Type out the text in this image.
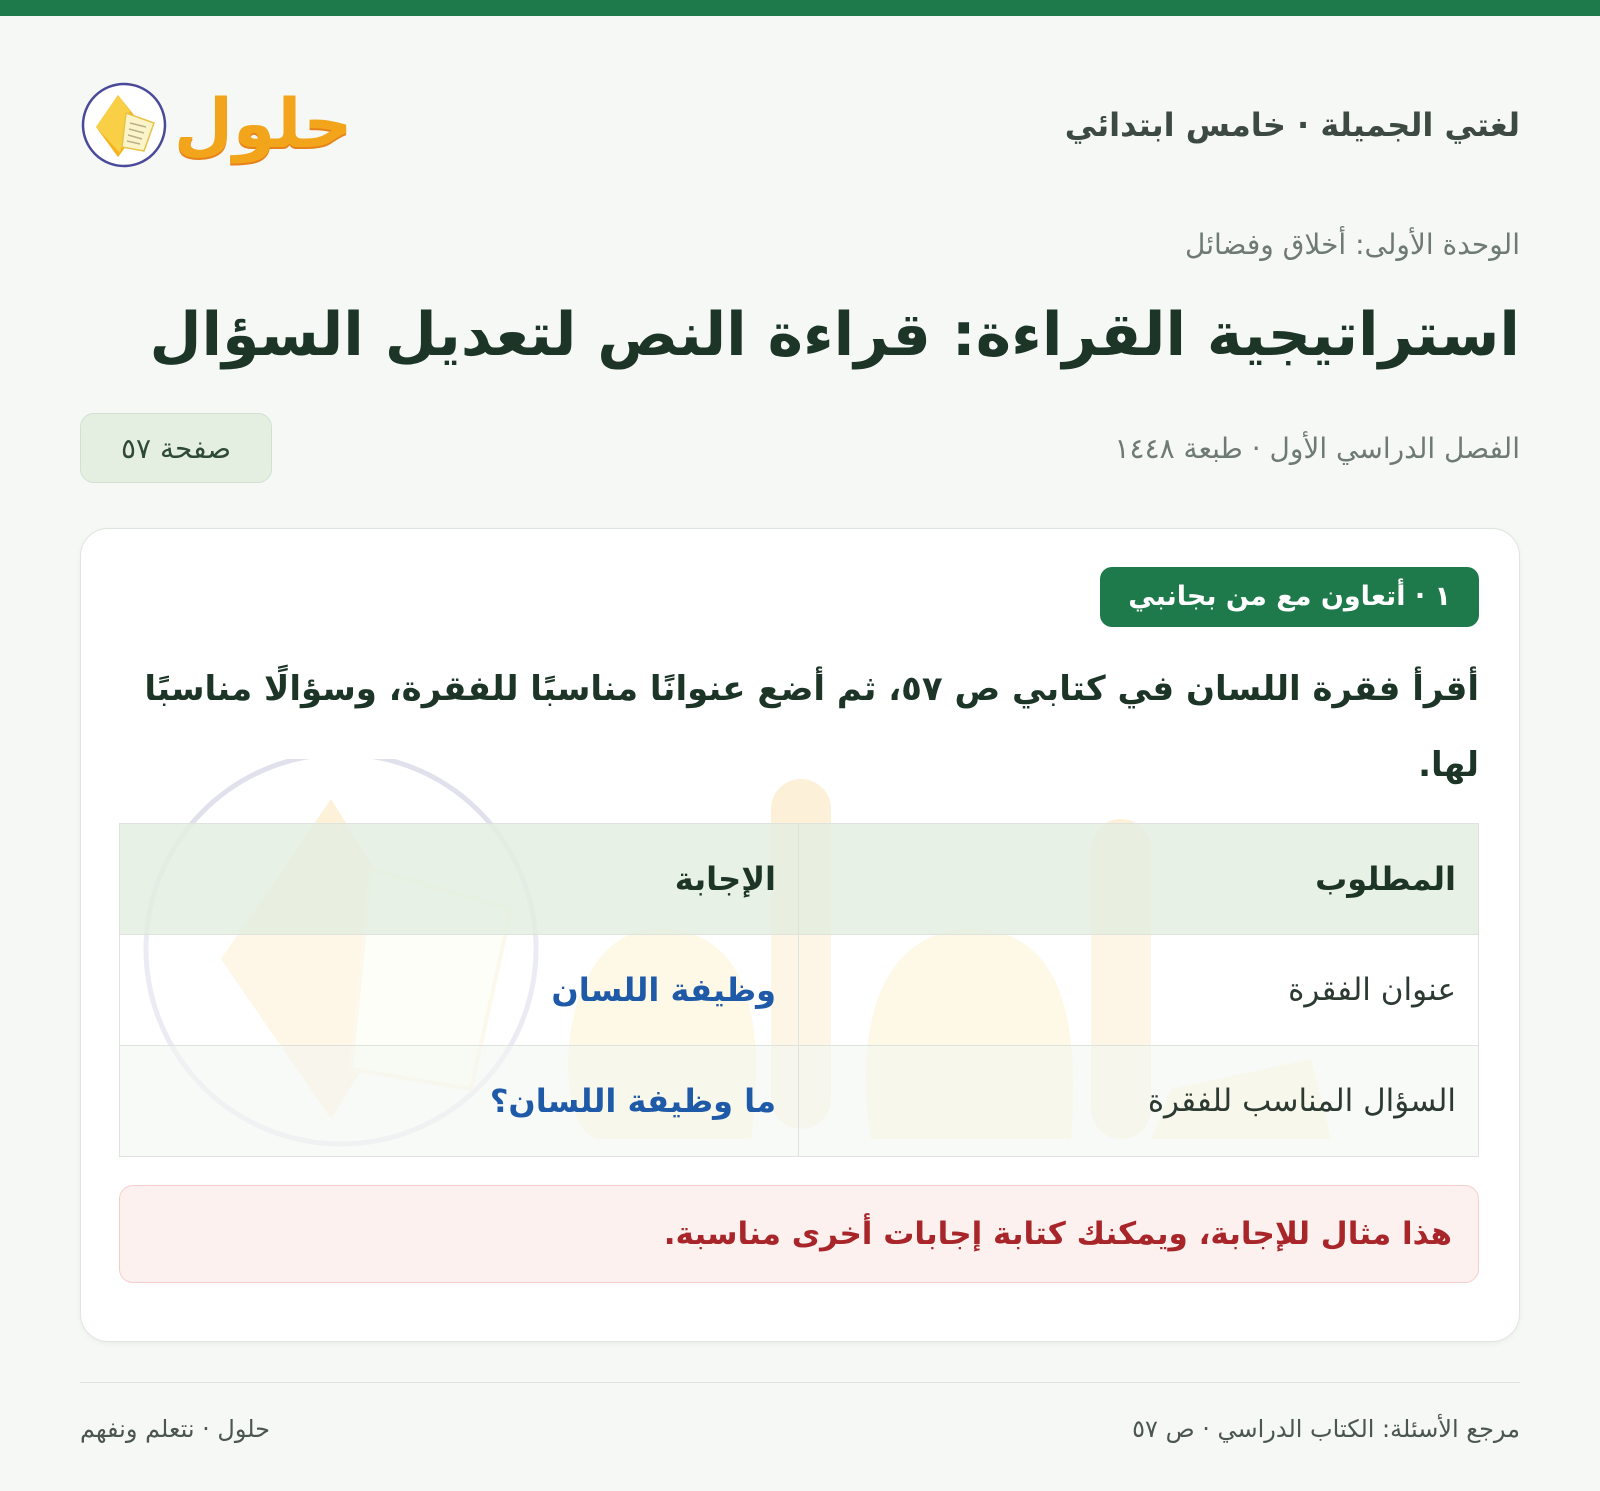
لغتي الجميلة · خامس ابتدائي
حلول
الوحدة الأولى: أخلاق وفضائل
استراتيجية القراءة: قراءة النص لتعديل السؤال
الفصل الدراسي الأول · طبعة ١٤٤٨
صفحة ٥٧
١ · أتعاون مع من بجانبي

أقرأ فقرة اللسان في كتابي ص ٥٧، ثم أضع عنوانًا مناسبًا للفقرة، وسؤالًا مناسبًا لها.

المطلوب	الإجابة
عنوان الفقرة	وظيفة اللسان
السؤال المناسب للفقرة	ما وظيفة اللسان؟
هذا مثال للإجابة، ويمكنك كتابة إجابات أخرى مناسبة.
مرجع الأسئلة: الكتاب الدراسي · ص ٥٧
حلول · نتعلم ونفهم
